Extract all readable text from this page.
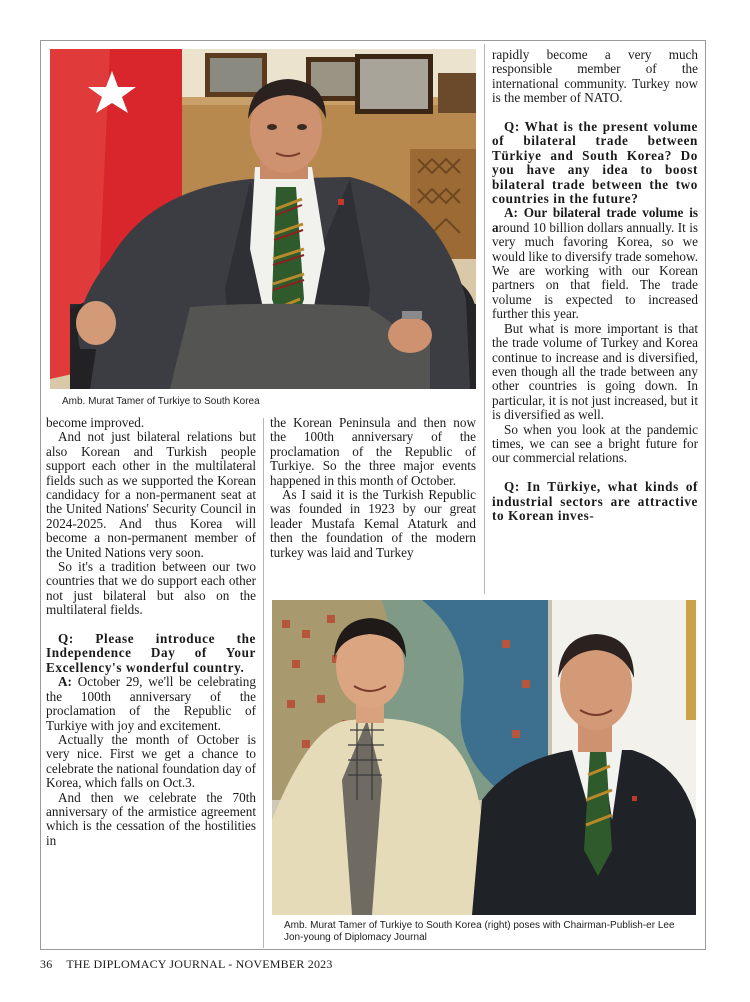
Amb. Murat Tamer of Turkiye to South Korea
Amb. Murat Tamer of Turkiye to South Korea (right) poses with Chairman-Publish-er Lee Jon-young of Diplomacy Journal

become improved.

And not just bilateral relations but also Korean and Turkish people support each other in the multilateral fields such as we supported the Korean candidacy for a non-permanent seat at the United Nations' Security Council in 2024-2025. And thus Korea will become a non-permanent member of the United Nations very soon.

So it's a tradition between our two countries that we do support each other not just bilateral but also on the multilateral fields.

Q: Please introduce the Independence Day of Your Excellency's wonderful country.

A: October 29, we'll be celebrating the 100th anniversary of the proclamation of the Republic of Turkiye with joy and excitement.

Actually the month of October is very nice. First we get a chance to celebrate the national foundation day of Korea, which falls on Oct.3.

And then we celebrate the 70th anniversary of the armistice agreement which is the cessation of the hostilities in

the Korean Peninsula and then now the 100th anniversary of the proclamation of the Republic of Turkiye. So the three major events happened in this month of October.

As I said it is the Turkish Republic was founded in 1923 by our great leader Mustafa Kemal Ataturk and then the foundation of the modern turkey was laid and Turkey

rapidly become a very much responsible member of the international community. Turkey now is the member of NATO.

Q: What is the present volume of bilateral trade between Türkiye and South Korea? Do you have any idea to boost bilateral trade between the two countries in the future?

A: Our bilateral trade volume is around 10 billion dollars annually. It is very much favoring Korea, so we would like to diversify trade somehow. We are working with our Korean partners on that field. The trade volume is expected to increased further this year.

But what is more important is that the trade volume of Turkey and Korea continue to increase and is diversified, even though all the trade between any other countries is going down. In particular, it is not just increased, but it is diversified as well.

So when you look at the pandemic times, we can see a bright future for our commercial relations.

Q: In Türkiye, what kinds of industrial sectors are attractive to Korean inves-

36 THE DIPLOMACY JOURNAL - NOVEMBER 2023
